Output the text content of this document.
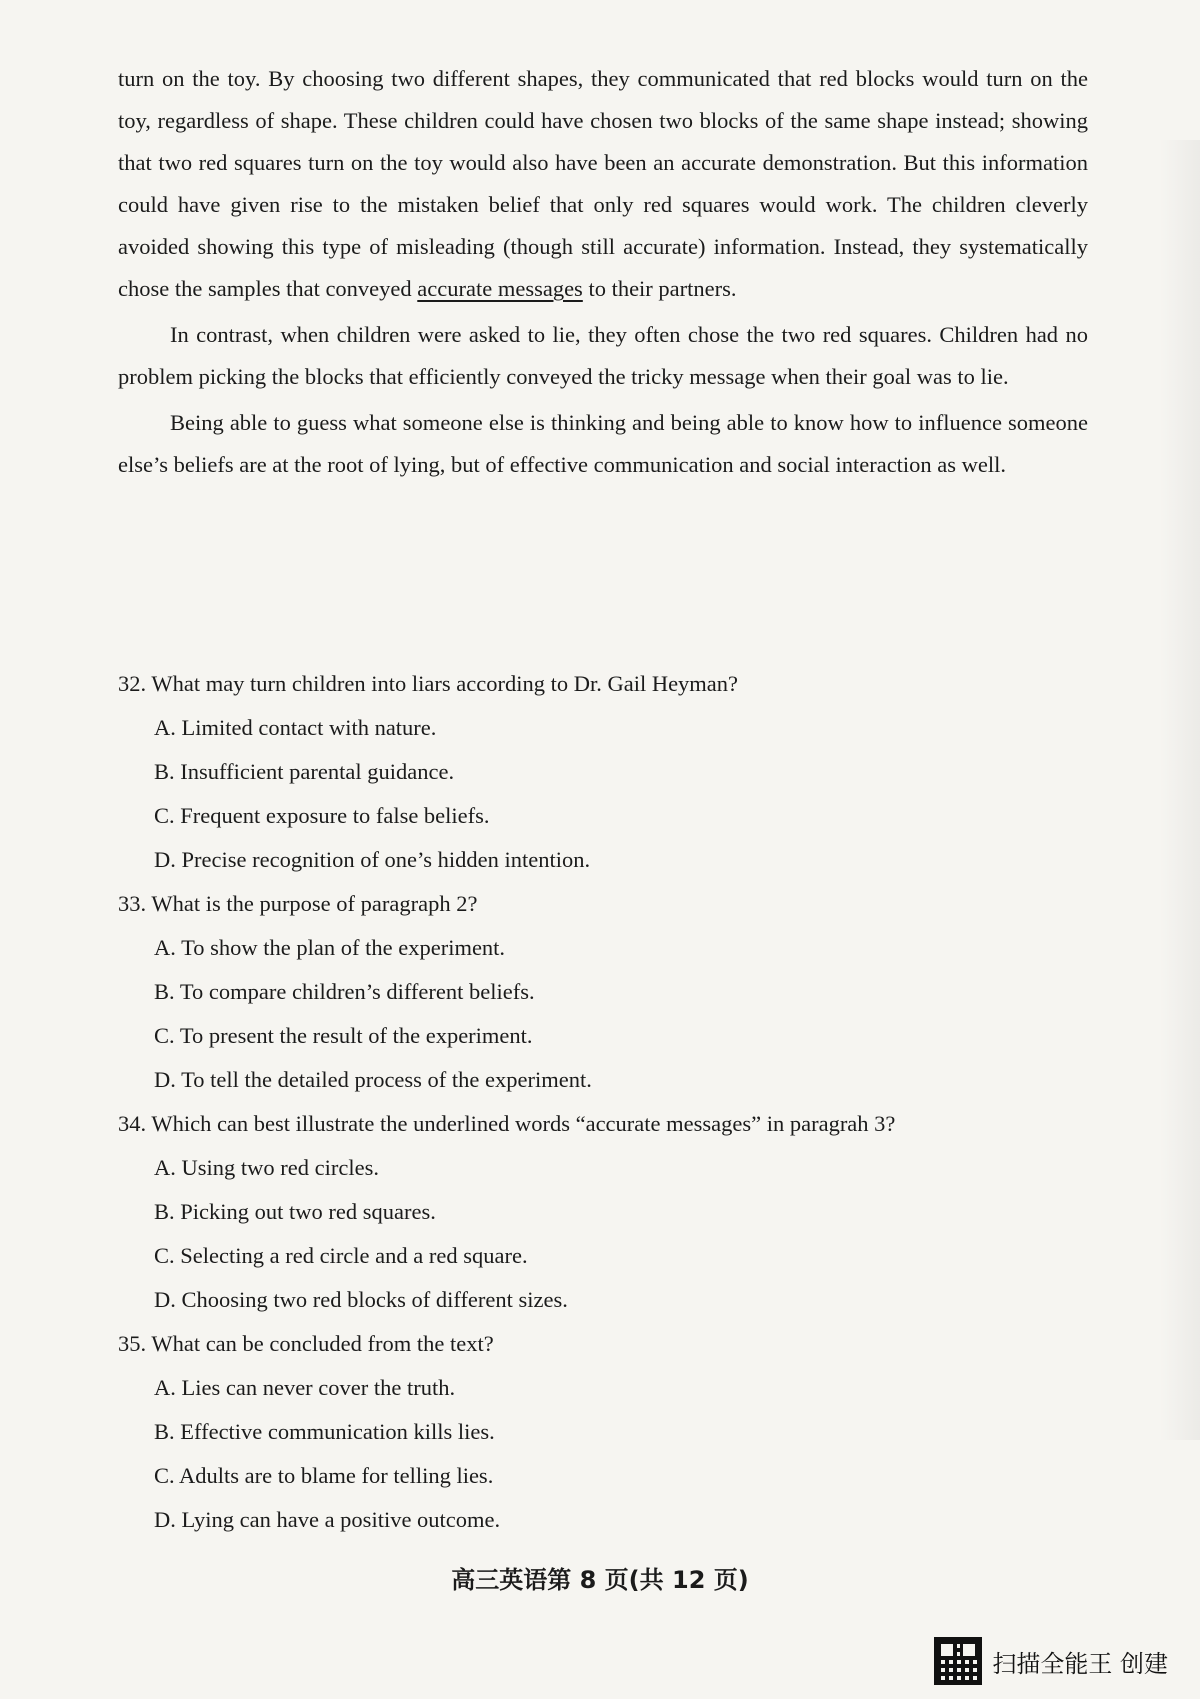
turn on the toy. By choosing two different shapes, they communicated that red blocks would turn on the toy, regardless of shape. These children could have chosen two blocks of the same shape instead; showing that two red squares turn on the toy would also have been an accurate demonstration. But this information could have given rise to the mistaken belief that only red squares would work. The children cleverly avoided showing this type of misleading (though still accurate) information. Instead, they systematically chose the samples that conveyed accurate messages to their partners.

In contrast, when children were asked to lie, they often chose the two red squares. Children had no problem picking the blocks that efficiently conveyed the tricky message when their goal was to lie.

Being able to guess what someone else is thinking and being able to know how to influence someone else’s beliefs are at the root of lying, but of effective communication and social interaction as well.

32. What may turn children into liars according to Dr. Gail Heyman?

A. Limited contact with nature.

B. Insufficient parental guidance.

C. Frequent exposure to false beliefs.

D. Precise recognition of one’s hidden intention.

33. What is the purpose of paragraph 2?

A. To show the plan of the experiment.

B. To compare children’s different beliefs.

C. To present the result of the experiment.

D. To tell the detailed process of the experiment.

34. Which can best illustrate the underlined words “accurate messages” in paragrah 3?

A. Using two red circles.

B. Picking out two red squares.

C. Selecting a red circle and a red square.

D. Choosing two red blocks of different sizes.

35. What can be concluded from the text?

A. Lies can never cover the truth.

B. Effective communication kills lies.

C. Adults are to blame for telling lies.

D. Lying can have a positive outcome.

高三英语第 8 页(共 12 页)
扫描全能王 创建
